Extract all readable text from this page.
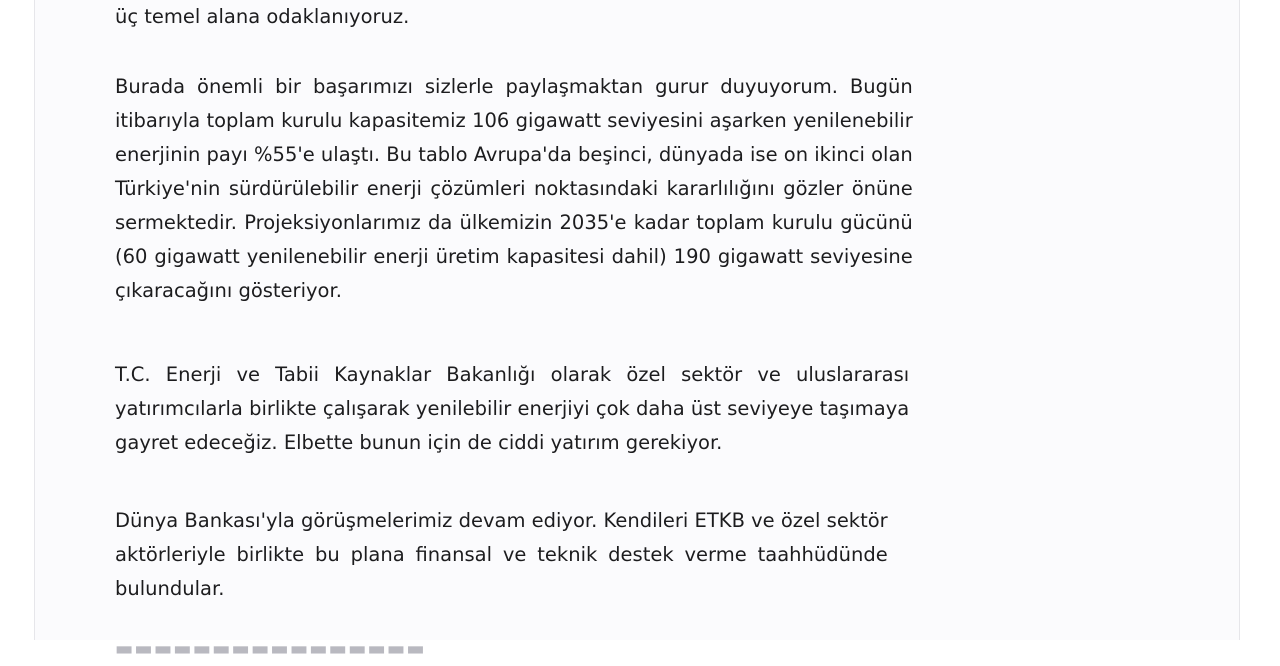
üç temel alana odaklanıyoruz.
Burada önemli bir başarımızı sizlerle paylaşmaktan gurur duyuyorum. Bugün
itibarıyla toplam kurulu kapasitemiz 106 gigawatt seviyesini aşarken yenilenebilir
enerjinin payı %55'e ulaştı. Bu tablo Avrupa'da beşinci, dünyada ise on ikinci olan
Türkiye'nin sürdürülebilir enerji çözümleri noktasındaki kararlılığını gözler önüne
sermektedir. Projeksiyonlarımız da ülkemizin 2035'e kadar toplam kurulu gücünü
(60 gigawatt yenilenebilir enerji üretim kapasitesi dahil) 190 gigawatt seviyesine
çıkaracağını gösteriyor.
T.C. Enerji ve Tabii Kaynaklar Bakanlığı olarak özel sektör ve uluslararası
yatırımcılarla birlikte çalışarak yenilebilir enerjiyi çok daha üst seviyeye taşımaya
gayret edeceğiz. Elbette bunun için de ciddi yatırım gerekiyor.
Dünya Bankası'yla görüşmelerimiz devam ediyor. Kendileri ETKB ve özel sektör
aktörleriyle birlikte bu plana finansal ve teknik destek verme taahhüdünde
bulundular.
▬▬▬▬▬▬▬▬▬▬▬▬▬▬▬▬
